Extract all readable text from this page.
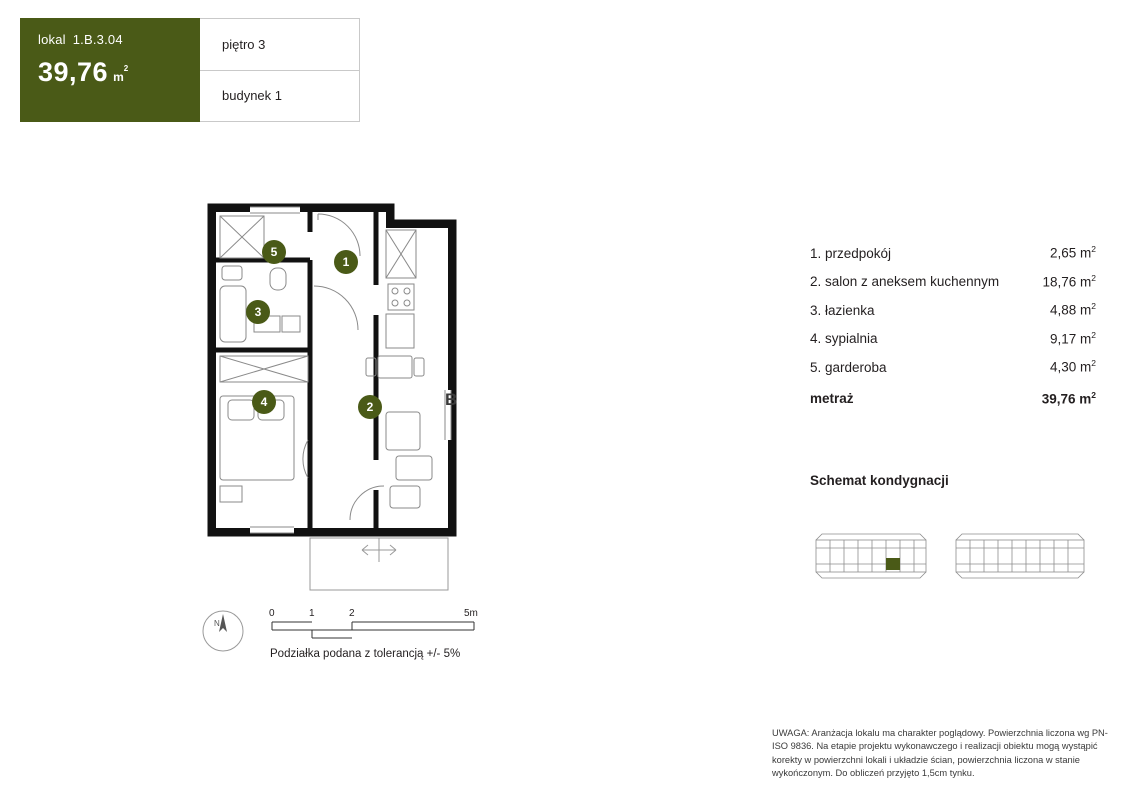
lokal 1.B.3.04
39,76 $m^2$
piętro 3
budynek 1
1
2
3
4
5
B
N
0	1	2	5m
Podziałka podana z tolerancją +/- 5%
1. przedpokój	2,65 $m^2$
2. salon z aneksem kuchennym	18,76 $m^2$
3. łazienka	4,88 $m^2$
4. sypialnia	9,17 $m^2$
5. garderoba	4,30 $m^2$
metraż	39,76 $m^2$
Schemat kondygnacji
UWAGA: Aranżacja lokalu ma charakter poglądowy. Powierzchnia liczona wg PN-ISO 9836. Na etapie projektu wykonawczego i realizacji obiektu mogą wystąpić korekty w powierzchni lokali i układzie ścian, powierzchnia liczona w stanie wykończonym. Do obliczeń przyjęto 1,5cm tynku.
